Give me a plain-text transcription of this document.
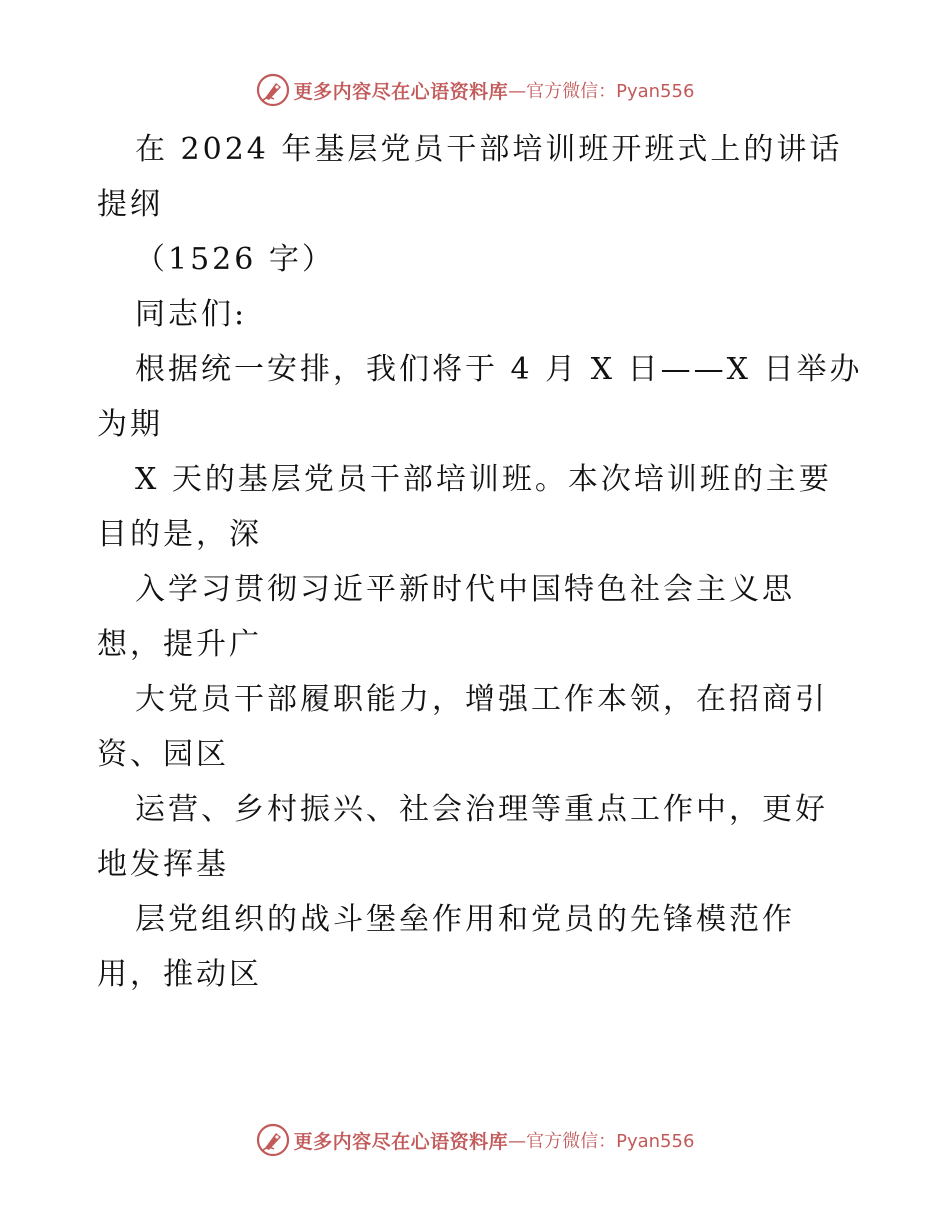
更多内容尽在心语资料库 —官方微信：Pyan556
在 2024 年基层党员干部培训班开班式上的讲话
提纲
（1526 字）
同志们:
根据统一安排，我们将于 4 月 X 日——X 日举办
为期
X 天的基层党员干部培训班。本次培训班的主要
目的是，深
入学习贯彻习近平新时代中国特色社会主义思
想，提升广
大党员干部履职能力，增强工作本领，在招商引
资、园区
运营、乡村振兴、社会治理等重点工作中，更好
地发挥基
层党组织的战斗堡垒作用和党员的先锋模范作
用，推动区
更多内容尽在心语资料库 —官方微信：Pyan556
